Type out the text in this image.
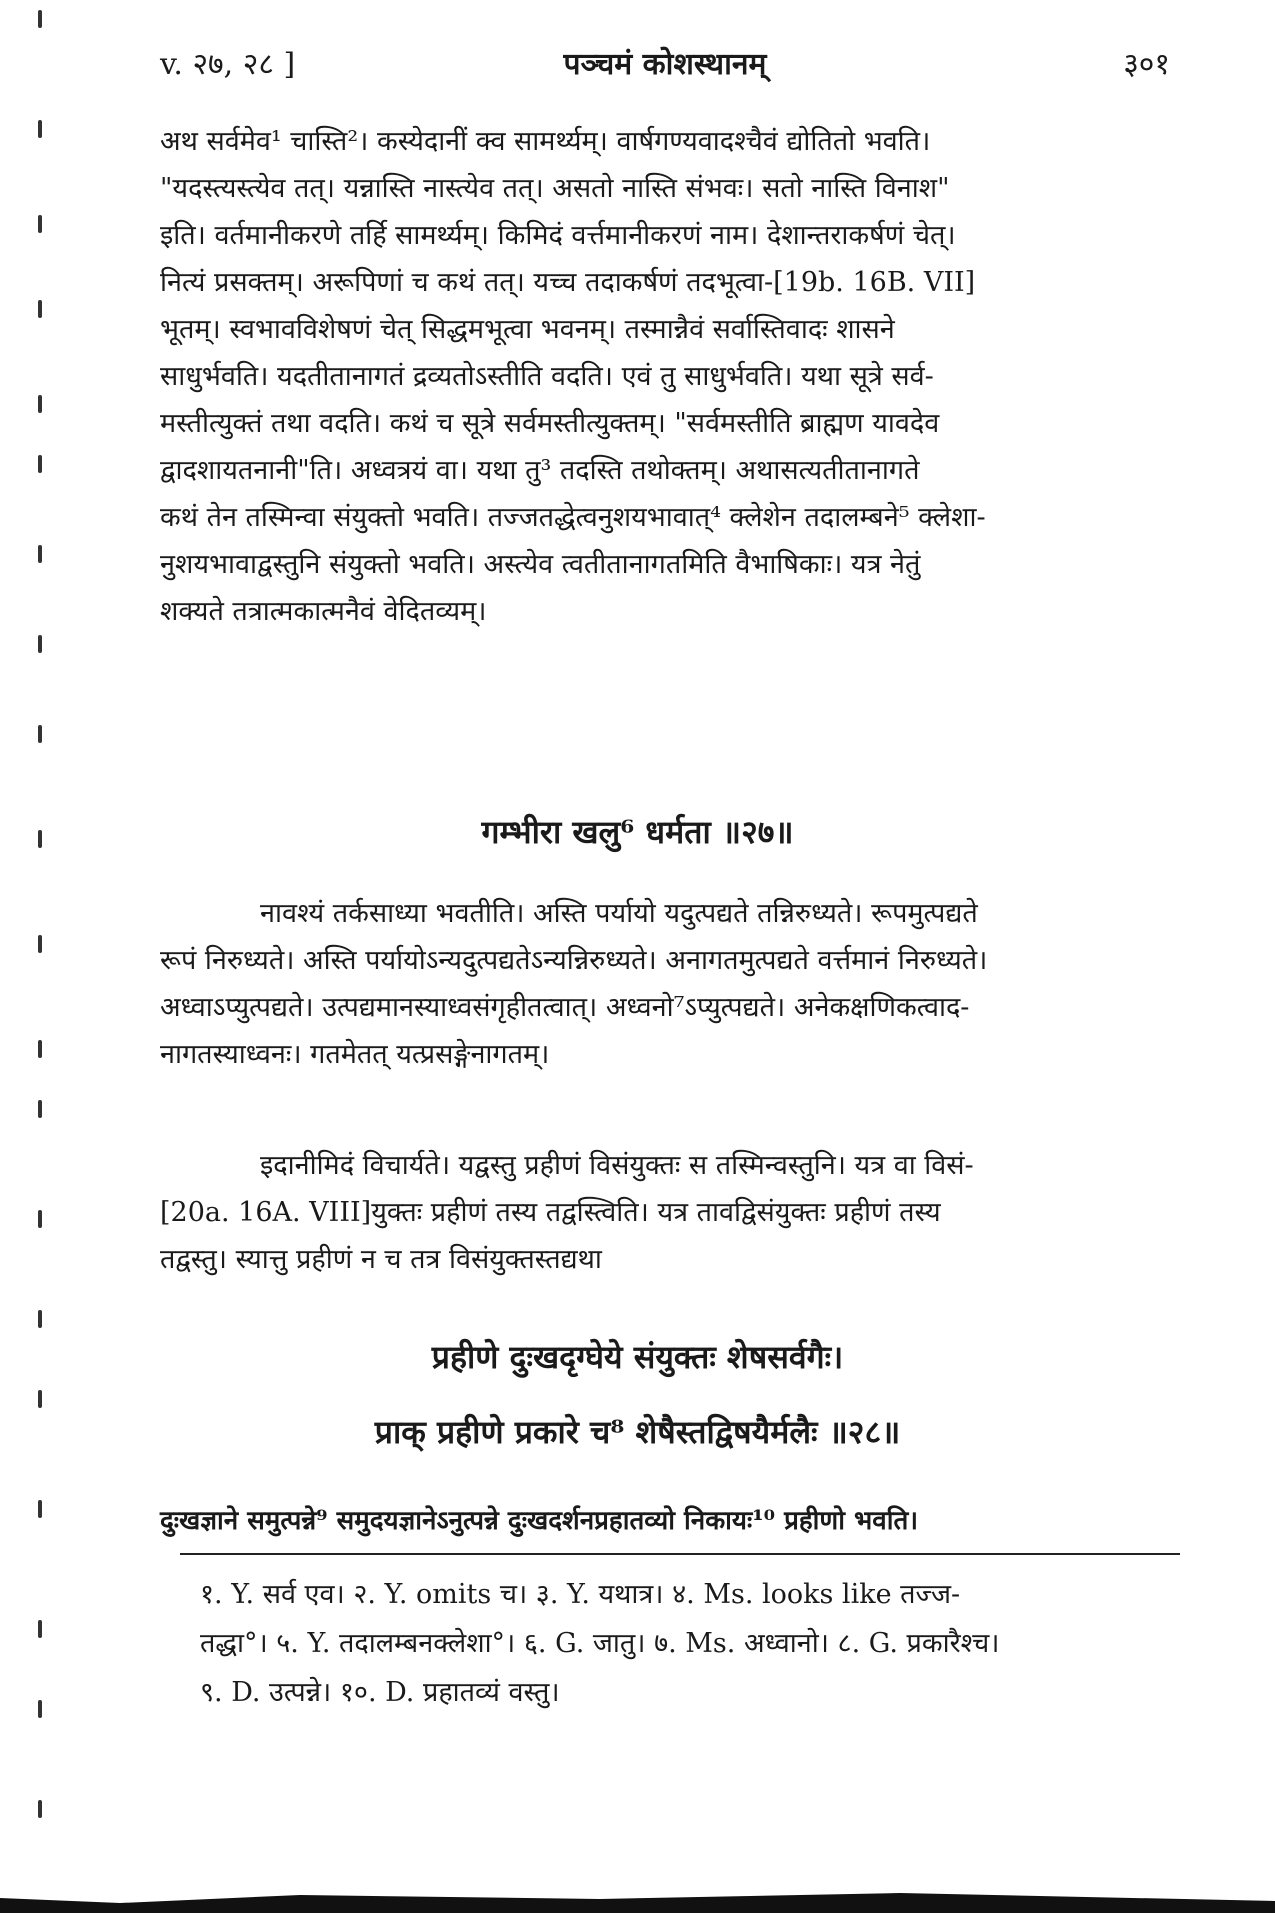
v. २७, २८ ]	पञ्चमं कोशस्थानम्	३०१

अथ सर्वमेव¹ चास्ति²। कस्येदानीं क्व सामर्थ्यम्। वार्षगण्यवादश्चैवं द्योतितो भवति।

"यदस्त्यस्त्येव तत्। यन्नास्ति नास्त्येव तत्। असतो नास्ति संभवः। सतो नास्ति विनाश"

इति। वर्तमानीकरणे तर्हि सामर्थ्यम्। किमिदं वर्त्तमानीकरणं नाम। देशान्तराकर्षणं चेत्।

नित्यं प्रसक्तम्। अरूपिणां च कथं तत्। यच्च तदाकर्षणं तदभूत्वा-[19b. 16B. VII]

भूतम्। स्वभावविशेषणं चेत् सिद्धमभूत्वा भवनम्। तस्मान्नैवं सर्वास्तिवादः शासने

साधुर्भवति। यदतीतानागतं द्रव्यतोऽस्तीति वदति। एवं तु साधुर्भवति। यथा सूत्रे सर्व-

मस्तीत्युक्तं तथा वदति। कथं च सूत्रे सर्वमस्तीत्युक्तम्। "सर्वमस्तीति ब्राह्मण यावदेव

द्वादशायतनानी"ति। अध्वत्रयं वा। यथा तु³ तदस्ति तथोक्तम्। अथासत्यतीतानागते

कथं तेन तस्मिन्वा संयुक्तो भवति। तज्जतद्धेत्वनुशयभावात्⁴ क्लेशेन तदालम्बने⁵ क्लेशा-

नुशयभावाद्वस्तुनि संयुक्तो भवति। अस्त्येव त्वतीतानागतमिति वैभाषिकाः। यत्र नेतुं

शक्यते तत्रात्मकात्मनैवं वेदितव्यम्।

गम्भीरा खलु⁶ धर्मता ॥२७॥

नावश्यं तर्कसाध्या भवतीति। अस्ति पर्यायो यदुत्पद्यते तन्निरुध्यते। रूपमुत्पद्यते

रूपं निरुध्यते। अस्ति पर्यायोऽन्यदुत्पद्यतेऽन्यन्निरुध्यते। अनागतमुत्पद्यते वर्त्तमानं निरुध्यते।

अध्वाऽप्युत्पद्यते। उत्पद्यमानस्याध्वसंगृहीतत्वात्। अध्वनो⁷ऽप्युत्पद्यते। अनेकक्षणिकत्वाद-

नागतस्याध्वनः। गतमेतत् यत्प्रसङ्गेनागतम्।

इदानीमिदं विचार्यते। यद्वस्तु प्रहीणं विसंयुक्तः स तस्मिन्वस्तुनि। यत्र वा विसं-

[20a. 16A. VIII]युक्तः प्रहीणं तस्य तद्वस्त्विति। यत्र तावद्विसंयुक्तः प्रहीणं तस्य

तद्वस्तु। स्यात्तु प्रहीणं न च तत्र विसंयुक्तस्तद्यथा

प्रहीणे दुःखदृग्घेये संयुक्तः शेषसर्वगैः।
प्राक् प्रहीणे प्रकारे च⁸ शेषैस्तद्विषयैर्मलैः ॥२८॥

दुःखज्ञाने समुत्पन्ने⁹ समुदयज्ञानेऽनुत्पन्ने दुःखदर्शनप्रहातव्यो निकायः¹⁰ प्रहीणो भवति।

१. Y. सर्व एव। २. Y. omits च। ३. Y. यथात्र। ४. Ms. looks like तज्ज-

तद्धा°। ५. Y. तदालम्बनक्लेशा°। ६. G. जातु। ७. Ms. अध्वानो। ८. G. प्रकारैश्च।

९. D. उत्पन्ने। १०. D. प्रहातव्यं वस्तु।
